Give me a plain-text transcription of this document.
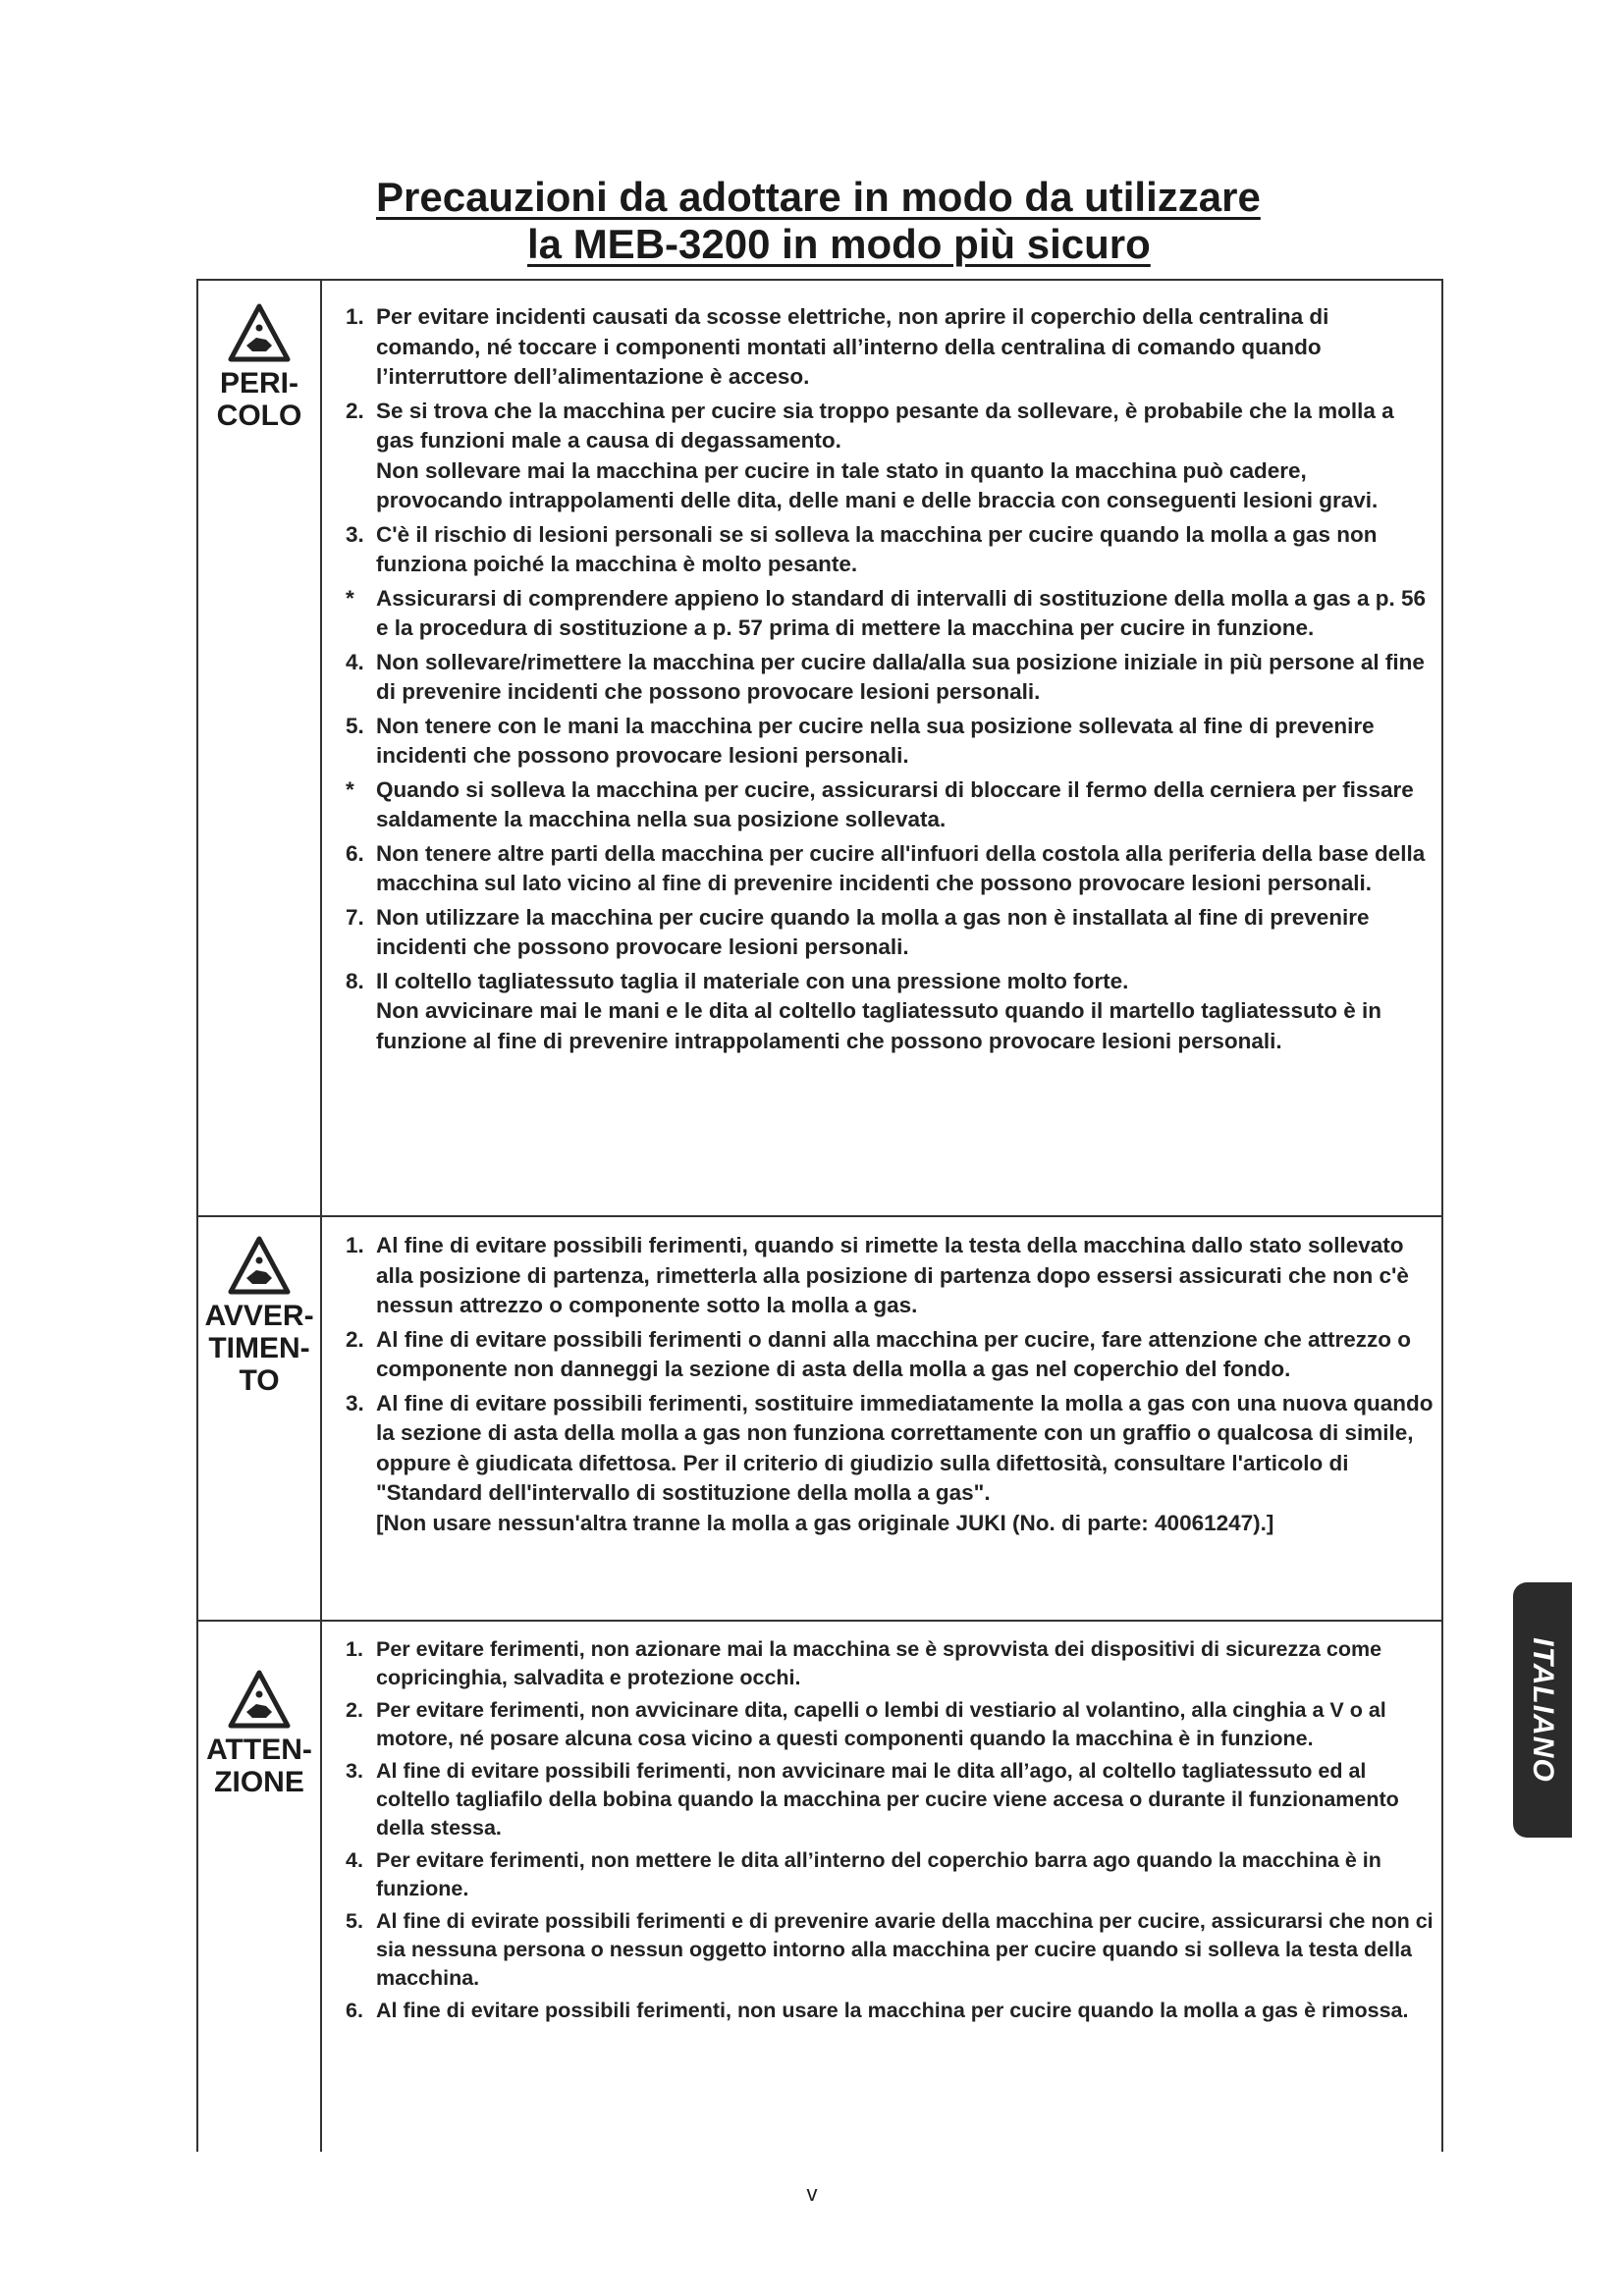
Precauzioni da adottare in modo da utilizzare
la MEB-3200 in modo più sicuro
PERI-
COLO
1. Per evitare incidenti causati da scosse elettriche, non aprire il coperchio della centralina di comando, né toccare i componenti montati all’interno della centralina di comando quando l’interruttore dell’alimentazione è acceso.

2. Se si trova che la macchina per cucire sia troppo pesante da sollevare, è probabile che la molla a gas funzioni male a causa di degassamento.
Non sollevare mai la macchina per cucire in tale stato in quanto la macchina può cadere, provocando intrappolamenti delle dita, delle mani e delle braccia con conseguenti lesioni gravi.

3. C'è il rischio di lesioni personali se si solleva la macchina per cucire quando la molla a gas non funziona poiché la macchina è molto pesante.

* Assicurarsi di comprendere appieno lo standard di intervalli di sostituzione della molla a gas a p. 56 e la procedura di sostituzione a p. 57 prima di mettere la macchina per cucire in funzione.

4. Non sollevare/rimettere la macchina per cucire dalla/alla sua posizione iniziale in più persone al fine di prevenire incidenti che possono provocare lesioni personali.

5. Non tenere con le mani la macchina per cucire nella sua posizione sollevata al fine di prevenire incidenti che possono provocare lesioni personali.

* Quando si solleva la macchina per cucire, assicurarsi di bloccare il fermo della cerniera per fissare saldamente la macchina nella sua posizione sollevata.

6. Non tenere altre parti della macchina per cucire all'infuori della costola alla periferia della base della macchina sul lato vicino al fine di prevenire incidenti che possono provocare lesioni personali.

7. Non utilizzare la macchina per cucire quando la molla a gas non è installata al fine di prevenire incidenti che possono provocare lesioni personali.

8. Il coltello tagliatessuto taglia il materiale con una pressione molto forte.
Non avvicinare mai le mani e le dita al coltello tagliatessuto quando il martello tagliatessuto è in funzione al fine di prevenire intrappolamenti che possono provocare lesioni personali.

AVVER-
TIMEN-
TO
1. Al fine di evitare possibili ferimenti, quando si rimette la testa della macchina dallo stato sollevato alla posizione di partenza, rimetterla alla posizione di partenza dopo essersi assicurati che non c'è nessun attrezzo o componente sotto la molla a gas.

2. Al fine di evitare possibili ferimenti o danni alla macchina per cucire, fare attenzione che attrezzo o componente non danneggi la sezione di asta della molla a gas nel coperchio del fondo.

3. Al fine di evitare possibili ferimenti, sostituire immediatamente la molla a gas con una nuova quando la sezione di asta della molla a gas non funziona correttamente con un graffio o qualcosa di simile, oppure è giudicata difettosa. Per il criterio di giudizio sulla difettosità, consultare l'articolo di "Standard dell'intervallo di sostituzione della molla a gas".
[Non usare nessun'altra tranne la molla a gas originale JUKI (No. di parte: 40061247).]

ATTEN-
ZIONE
1. Per evitare ferimenti, non azionare mai la macchina se è sprovvista dei dispositivi di sicurezza come copricinghia, salvadita e protezione occhi.

2. Per evitare ferimenti, non avvicinare dita, capelli o lembi di vestiario al volantino, alla cinghia a V o al motore, né posare alcuna cosa vicino a questi componenti quando la macchina è in funzione.

3. Al fine di evitare possibili ferimenti, non avvicinare mai le dita all’ago, al coltello tagliatessuto ed al coltello tagliafilo della bobina quando la macchina per cucire viene accesa o durante il funzionamento della stessa.

4. Per evitare ferimenti, non mettere le dita all’interno del coperchio barra ago quando la macchina è in funzione.

5. Al fine di evirate possibili ferimenti e di prevenire avarie della macchina per cucire, assicurarsi che non ci sia nessuna persona o nessun oggetto intorno alla macchina per cucire quando si solleva la testa della macchina.

6. Al fine di evitare possibili ferimenti, non usare la macchina per cucire quando la molla a gas è rimossa.

ITALIANO
v
